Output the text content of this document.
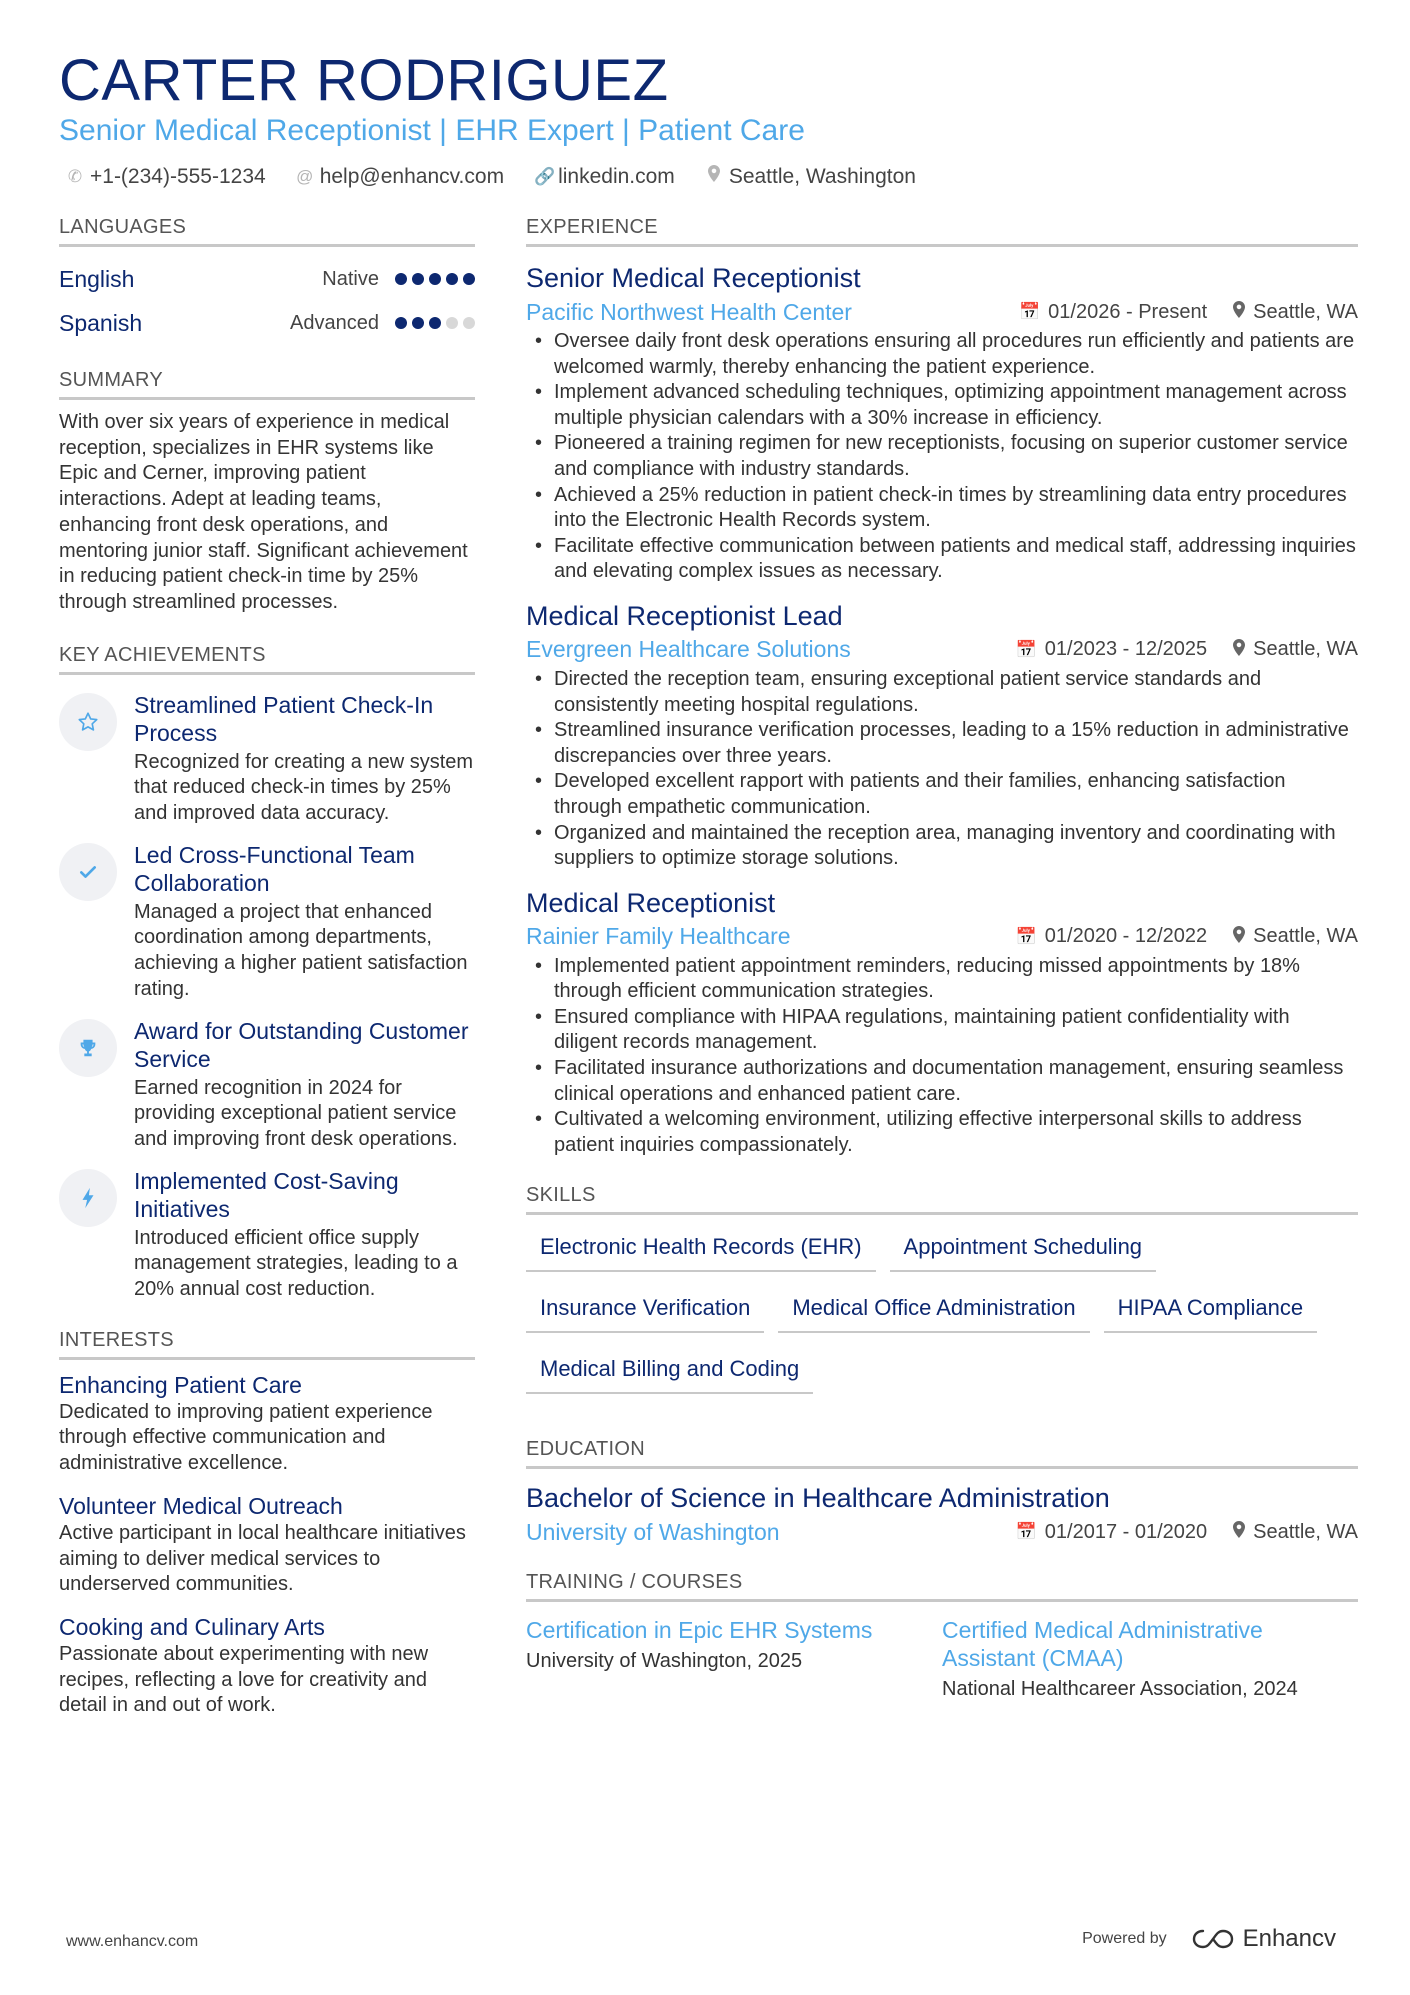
CARTER RODRIGUEZ
Senior Medical Receptionist | EHR Expert | Patient Care
✆ +1-(234)-555-1234 @ help@enhancv.com 🔗 linkedin.com	Seattle, Washington
LANGUAGES
English	Native
Spanish	Advanced
SUMMARY
With over six years of experience in medical reception, specializes in EHR systems like Epic and Cerner, improving patient interactions. Adept at leading teams, enhancing front desk operations, and mentoring junior staff. Significant achievement in reducing patient check-in time by 25% through streamlined processes.
KEY ACHIEVEMENTS
Streamlined Patient Check-In Process
Recognized for creating a new system that reduced check-in times by 25% and improved data accuracy.
Led Cross-Functional Team Collaboration
Managed a project that enhanced coordination among departments, achieving a higher patient satisfaction rating.
Award for Outstanding Customer Service
Earned recognition in 2024 for providing exceptional patient service and improving front desk operations.
Implemented Cost-Saving Initiatives
Introduced efficient office supply management strategies, leading to a 20% annual cost reduction.
INTERESTS
Enhancing Patient Care
Dedicated to improving patient experience through effective communication and administrative excellence.
Volunteer Medical Outreach
Active participant in local healthcare initiatives aiming to deliver medical services to underserved communities.
Cooking and Culinary Arts
Passionate about experimenting with new recipes, reflecting a love for creativity and detail in and out of work.
EXPERIENCE
Senior Medical Receptionist
Pacific Northwest Health Center	📅 01/2026 - Present Seattle, WA
• Oversee daily front desk operations ensuring all procedures run efficiently and patients are welcomed warmly, thereby enhancing the patient experience.
• Implement advanced scheduling techniques, optimizing appointment management across multiple physician calendars with a 30% increase in efficiency.
• Pioneered a training regimen for new receptionists, focusing on superior customer service and compliance with industry standards.
• Achieved a 25% reduction in patient check-in times by streamlining data entry procedures into the Electronic Health Records system.
• Facilitate effective communication between patients and medical staff, addressing inquiries and elevating complex issues as necessary.
Medical Receptionist Lead
Evergreen Healthcare Solutions	📅 01/2023 - 12/2025 Seattle, WA
• Directed the reception team, ensuring exceptional patient service standards and consistently meeting hospital regulations.
• Streamlined insurance verification processes, leading to a 15% reduction in administrative discrepancies over three years.
• Developed excellent rapport with patients and their families, enhancing satisfaction through empathetic communication.
• Organized and maintained the reception area, managing inventory and coordinating with suppliers to optimize storage solutions.
Medical Receptionist
Rainier Family Healthcare	📅 01/2020 - 12/2022 Seattle, WA
• Implemented patient appointment reminders, reducing missed appointments by 18% through efficient communication strategies.
• Ensured compliance with HIPAA regulations, maintaining patient confidentiality with diligent records management.
• Facilitated insurance authorizations and documentation management, ensuring seamless clinical operations and enhanced patient care.
• Cultivated a welcoming environment, utilizing effective interpersonal skills to address patient inquiries compassionately.
SKILLS
Electronic Health Records (EHR)	Appointment Scheduling
Insurance Verification	Medical Office Administration	HIPAA Compliance
Medical Billing and Coding
EDUCATION
Bachelor of Science in Healthcare Administration
University of Washington	📅 01/2017 - 01/2020 Seattle, WA
TRAINING / COURSES
Certification in Epic EHR Systems
University of Washington, 2025
Certified Medical Administrative Assistant (CMAA)
National Healthcareer Association, 2024
www.enhancv.com	Powered by	Enhancv
